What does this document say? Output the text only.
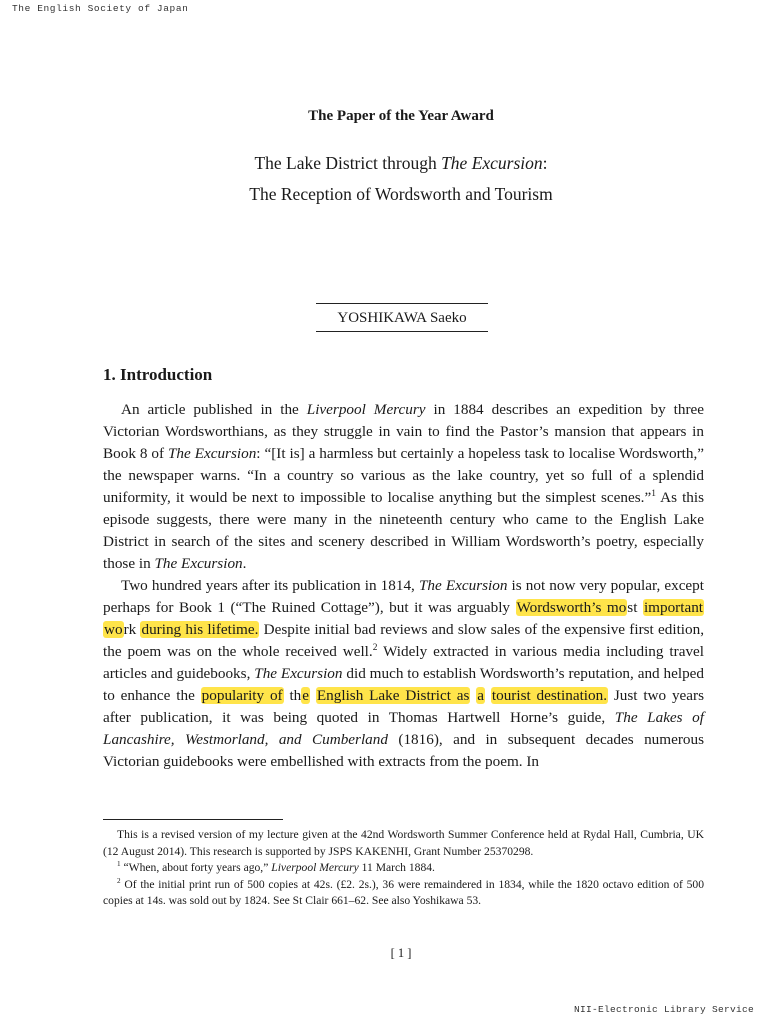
The English Society of Japan
The Paper of the Year Award
The Lake District through The Excursion:
The Reception of Wordsworth and Tourism
YOSHIKAWA Saeko
1. Introduction

An article published in the Liverpool Mercury in 1884 describes an expedition by three Victorian Wordsworthians, as they struggle in vain to find the Pastor’s mansion that appears in Book 8 of The Excursion: “[It is] a harmless but certainly a hopeless task to localise Wordsworth,” the newspaper warns. “In a country so various as the lake country, yet so full of a splendid uniformity, it would be next to impossible to localise anything but the simplest scenes.”$^1$ As this episode suggests, there were many in the nineteenth century who came to the English Lake District in search of the sites and scenery described in William Wordsworth’s poetry, especially those in The Excursion.

Two hundred years after its publication in 1814, The Excursion is not now very popular, except perhaps for Book 1 (“The Ruined Cottage”), but it was arguably Wordsworth’s most important work during his lifetime. Despite initial bad reviews and slow sales of the expensive first edition, the poem was on the whole received well.$^2$ Widely extracted in various media including travel articles and guidebooks, The Excursion did much to establish Wordsworth’s reputation, and helped to enhance the popularity of the English Lake District as a tourist destination. Just two years after publication, it was being quoted in Thomas Hartwell Horne’s guide, The Lakes of Lancashire, Westmorland, and Cumberland (1816), and in subsequent decades numerous Victorian guidebooks were embellished with extracts from the poem. In

This is a revised version of my lecture given at the 42nd Wordsworth Summer Conference held at Rydal Hall, Cumbria, UK (12 August 2014). This research is supported by JSPS KAKENHI, Grant Number 25370298.

$^1$ “When, about forty years ago,” Liverpool Mercury 11 March 1884.

$^2$ Of the initial print run of 500 copies at 42s. (£2. 2s.), 36 were remaindered in 1834, while the 1820 octavo edition of 500 copies at 14s. was sold out by 1824. See St Clair 661–62. See also Yoshikawa 53.

[ 1 ]
NII-Electronic Library Service
